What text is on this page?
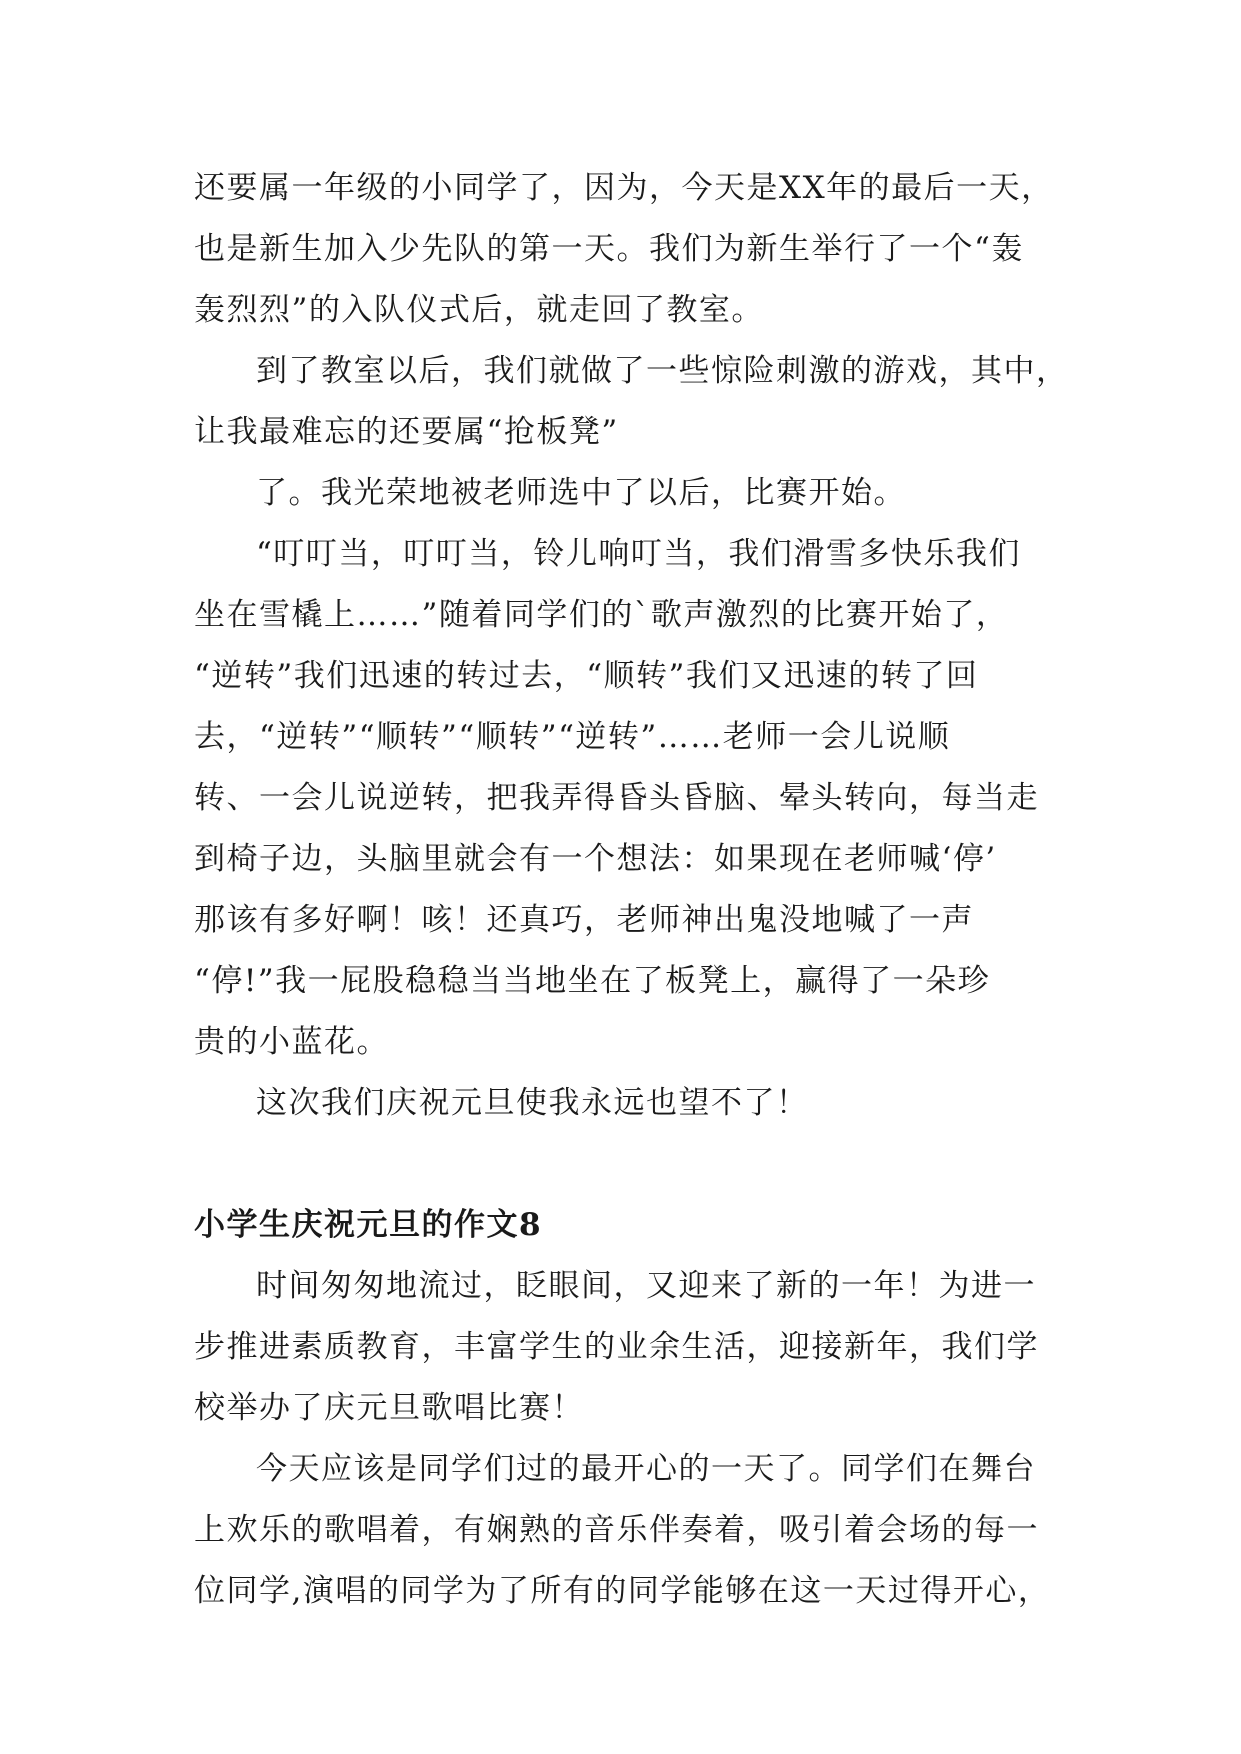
还要属一年级的小同学了，因为，今天是XX年的最后一天，
也是新生加入少先队的第一天。我们为新生举行了一个“轰
轰烈烈”的入队仪式后，就走回了教室。

到了教室以后，我们就做了一些惊险刺激的游戏，其中，
让我最难忘的还要属“抢板凳”

了。我光荣地被老师选中了以后，比赛开始。

“叮叮当，叮叮当，铃儿响叮当，我们滑雪多快乐我们
坐在雪橇上……”随着同学们的`歌声激烈的比赛开始了，
“逆转”我们迅速的转过去，“顺转”我们又迅速的转了回
去，“逆转”“顺转”“顺转”“逆转”……老师一会儿说顺
转、一会儿说逆转，把我弄得昏头昏脑、晕头转向，每当走
到椅子边，头脑里就会有一个想法：如果现在老师喊‘停’
那该有多好啊！咳！还真巧，老师神出鬼没地喊了一声
“停!”我一屁股稳稳当当地坐在了板凳上，赢得了一朵珍
贵的小蓝花。

这次我们庆祝元旦使我永远也望不了！

小学生庆祝元旦的作文8

时间匆匆地流过，眨眼间，又迎来了新的一年！为进一
步推进素质教育，丰富学生的业余生活，迎接新年，我们学
校举办了庆元旦歌唱比赛！

今天应该是同学们过的最开心的一天了。同学们在舞台
上欢乐的歌唱着，有娴熟的音乐伴奏着，吸引着会场的每一
位同学,演唱的同学为了所有的同学能够在这一天过得开心，
